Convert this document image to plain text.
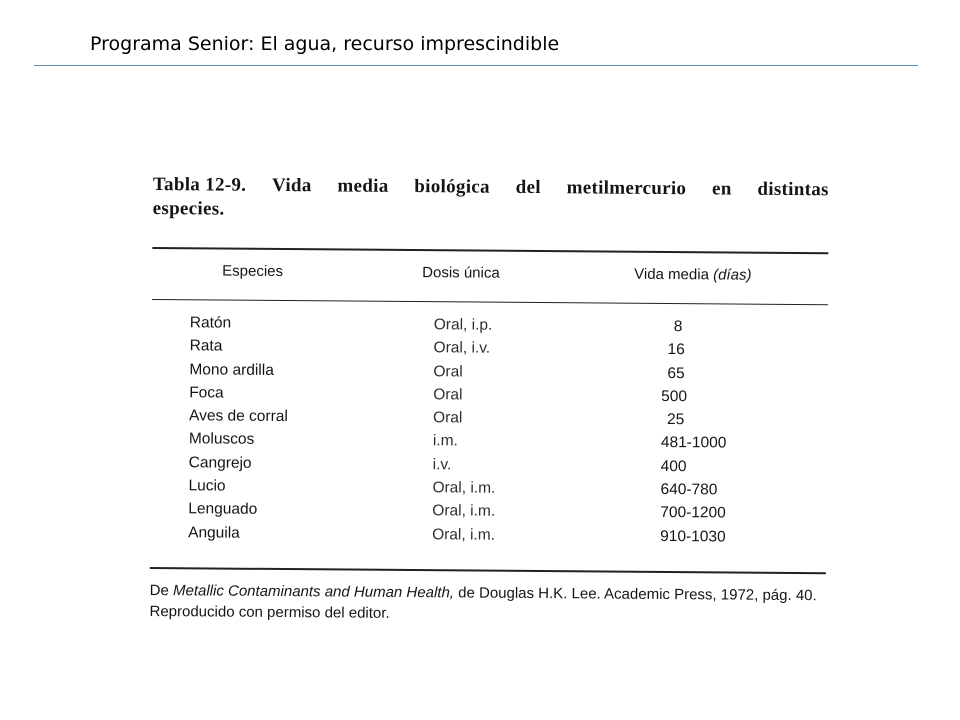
Programa Senior: El agua, recurso imprescindible
Tabla 12-9. Vida media biológica del metilmercurio en distintas
especies.
Especies	Dosis única	Vida media (días)
Ratón	Oral, i.p.	8
Rata	Oral, i.v.	16
Mono ardilla	Oral	65
Foca	Oral	500
Aves de corral	Oral	25
Moluscos	i.m.	481-1000
Cangrejo	i.v.	400
Lucio	Oral, i.m.	640-780
Lenguado	Oral, i.m.	700-1200
Anguila	Oral, i.m.	910-1030
De Metallic Contaminants and Human Health, de Douglas H.K. Lee. Academic Press, 1972, pág. 40. Reproducido con permiso del editor.
